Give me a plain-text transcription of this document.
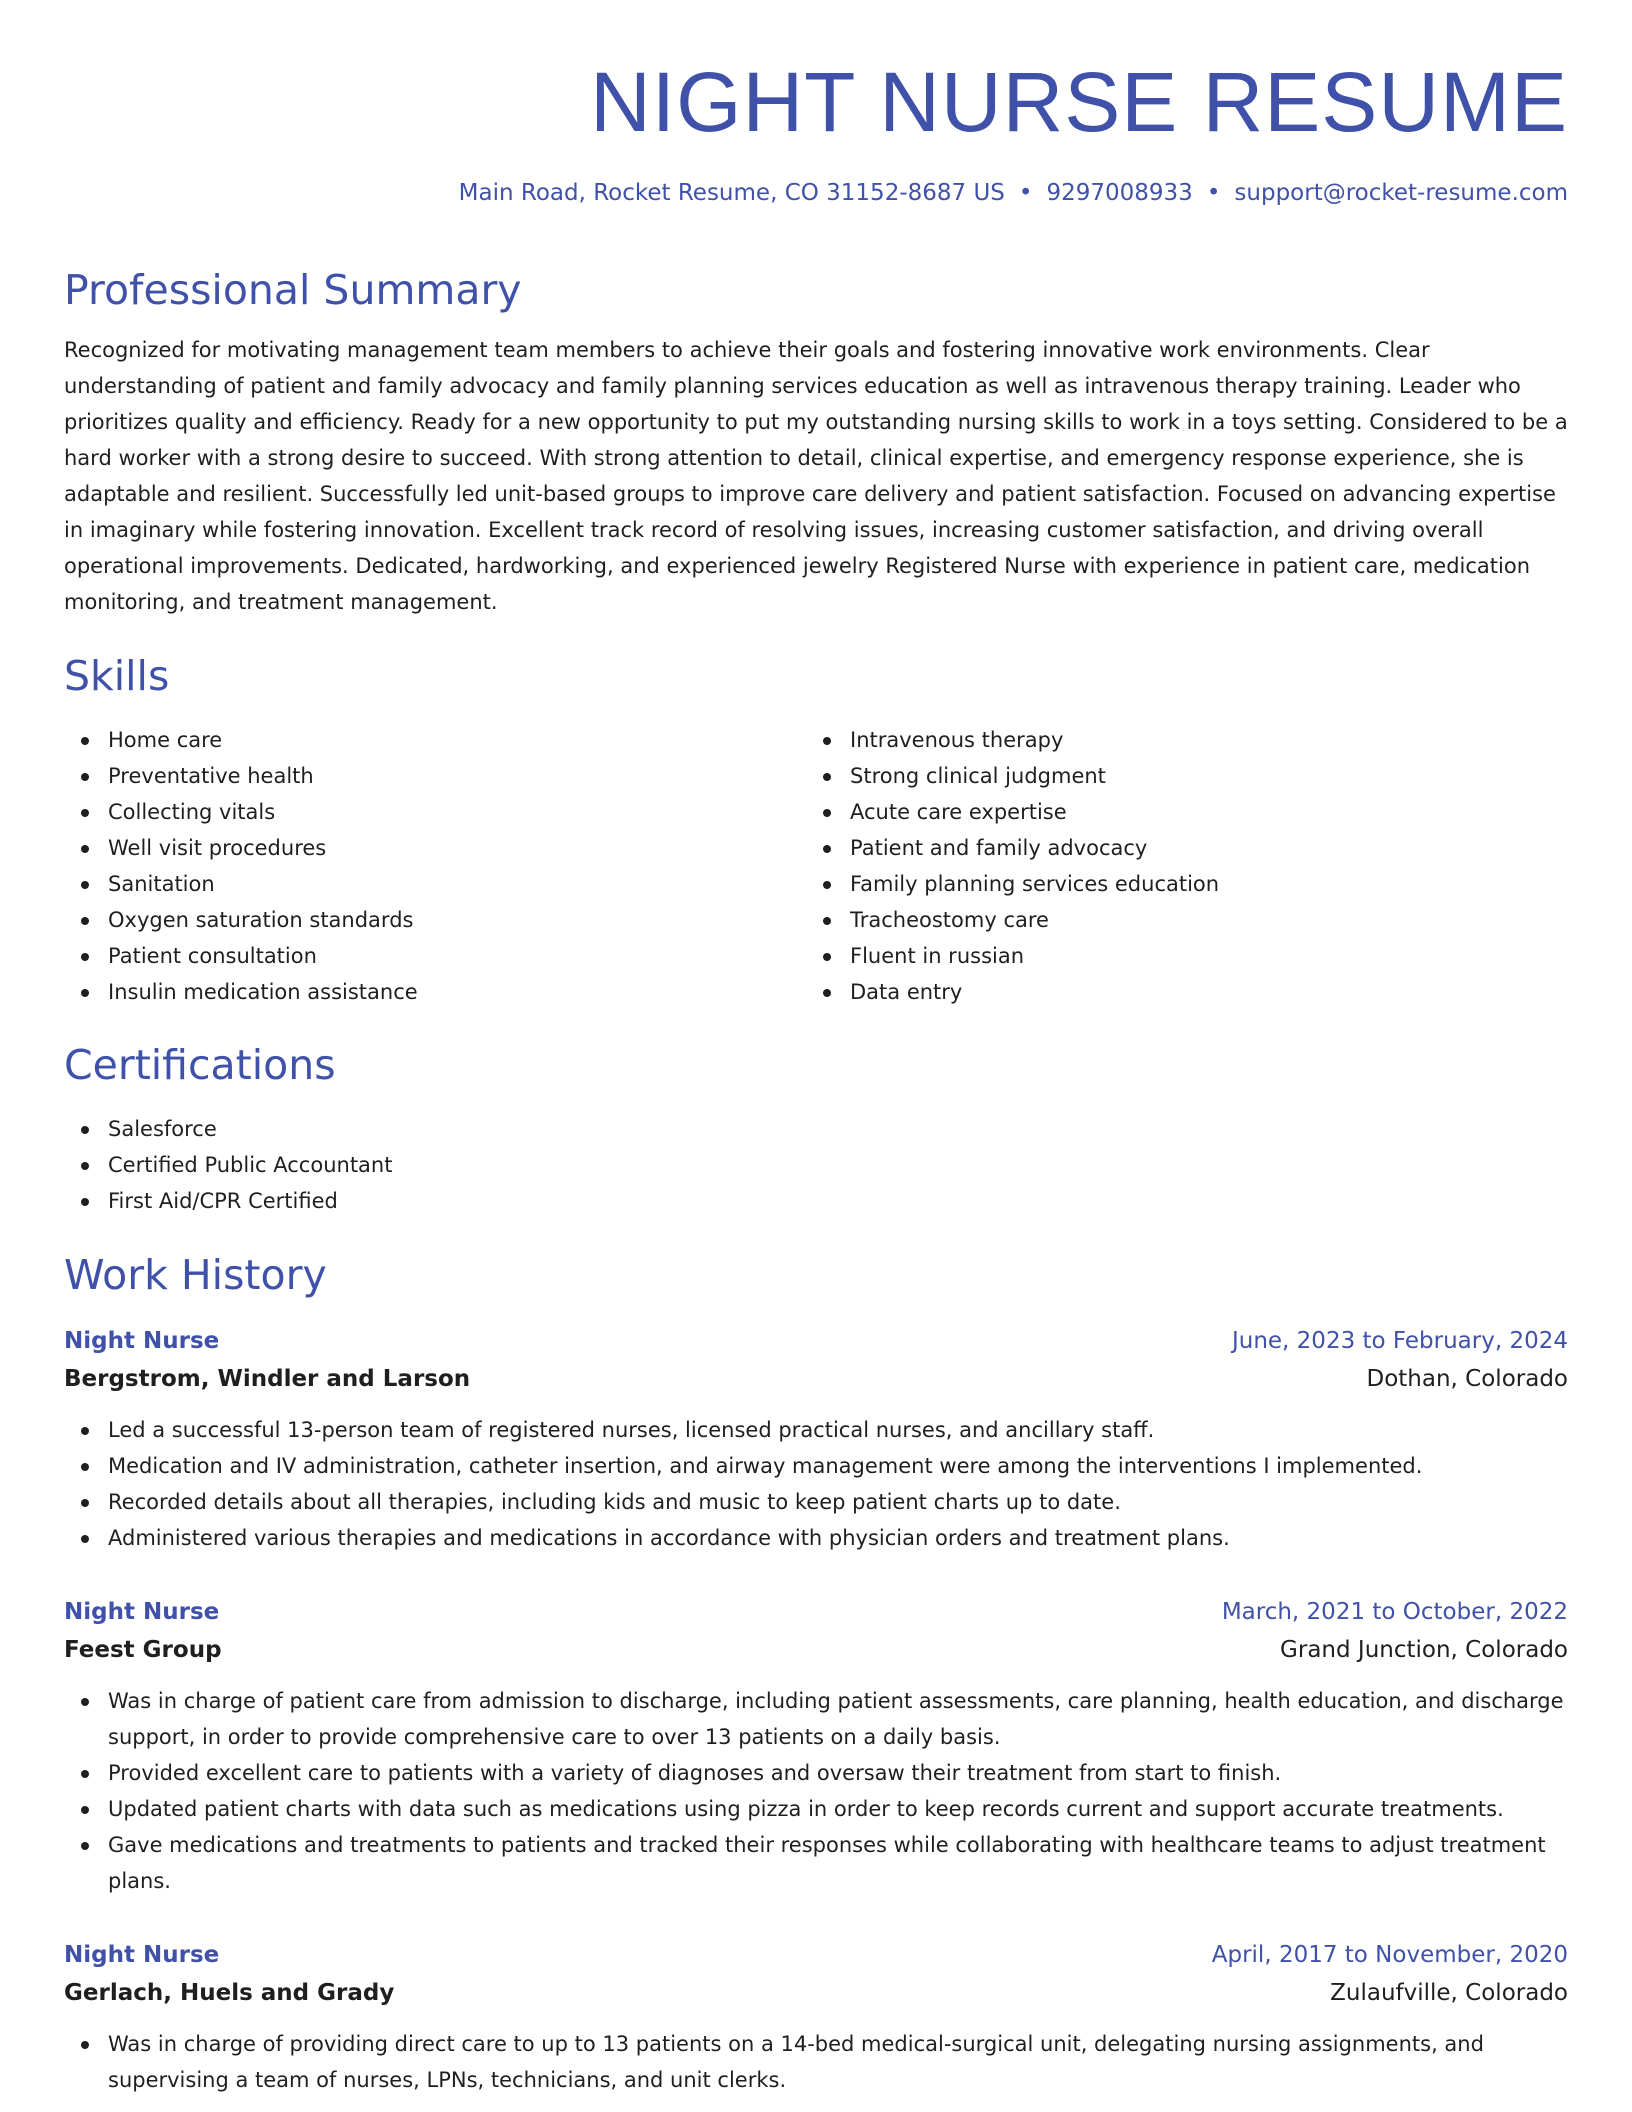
NIGHT NURSE RESUME
Main Road, Rocket Resume, CO 31152-8687 US • 9297008933 • support@rocket-resume.com
Professional Summary

Recognized for motivating management team members to achieve their goals and fostering innovative work environments. Clear understanding of patient and family advocacy and family planning services education as well as intravenous therapy training. Leader who prioritizes quality and efficiency. Ready for a new opportunity to put my outstanding nursing skills to work in a toys setting. Considered to be a hard worker with a strong desire to succeed. With strong attention to detail, clinical expertise, and emergency response experience, she is adaptable and resilient. Successfully led unit-based groups to improve care delivery and patient satisfaction. Focused on advancing expertise in imaginary while fostering innovation. Excellent track record of resolving issues, increasing customer satisfaction, and driving overall operational improvements. Dedicated, hardworking, and experienced jewelry Registered Nurse with experience in patient care, medication monitoring, and treatment management.

Skills
Home care
Preventative health
Collecting vitals
Well visit procedures
Sanitation
Oxygen saturation standards
Patient consultation
Insulin medication assistance
Intravenous therapy
Strong clinical judgment
Acute care expertise
Patient and family advocacy
Family planning services education
Tracheostomy care
Fluent in russian
Data entry
Certifications
Salesforce
Certified Public Accountant
First Aid/CPR Certified
Work History
Night Nurse	June, 2023 to February, 2024
Bergstrom, Windler and Larson	Dothan, Colorado
Led a successful 13-person team of registered nurses, licensed practical nurses, and ancillary staff.
Medication and IV administration, catheter insertion, and airway management were among the interventions I implemented.
Recorded details about all therapies, including kids and music to keep patient charts up to date.
Administered various therapies and medications in accordance with physician orders and treatment plans.
Night Nurse	March, 2021 to October, 2022
Feest Group	Grand Junction, Colorado
Was in charge of patient care from admission to discharge, including patient assessments, care planning, health education, and discharge support, in order to provide comprehensive care to over 13 patients on a daily basis.
Provided excellent care to patients with a variety of diagnoses and oversaw their treatment from start to finish.
Updated patient charts with data such as medications using pizza in order to keep records current and support accurate treatments.
Gave medications and treatments to patients and tracked their responses while collaborating with healthcare teams to adjust treatment plans.
Night Nurse	April, 2017 to November, 2020
Gerlach, Huels and Grady	Zulaufville, Colorado
Was in charge of providing direct care to up to 13 patients on a 14-bed medical-surgical unit, delegating nursing assignments, and supervising a team of nurses, LPNs, technicians, and unit clerks.
